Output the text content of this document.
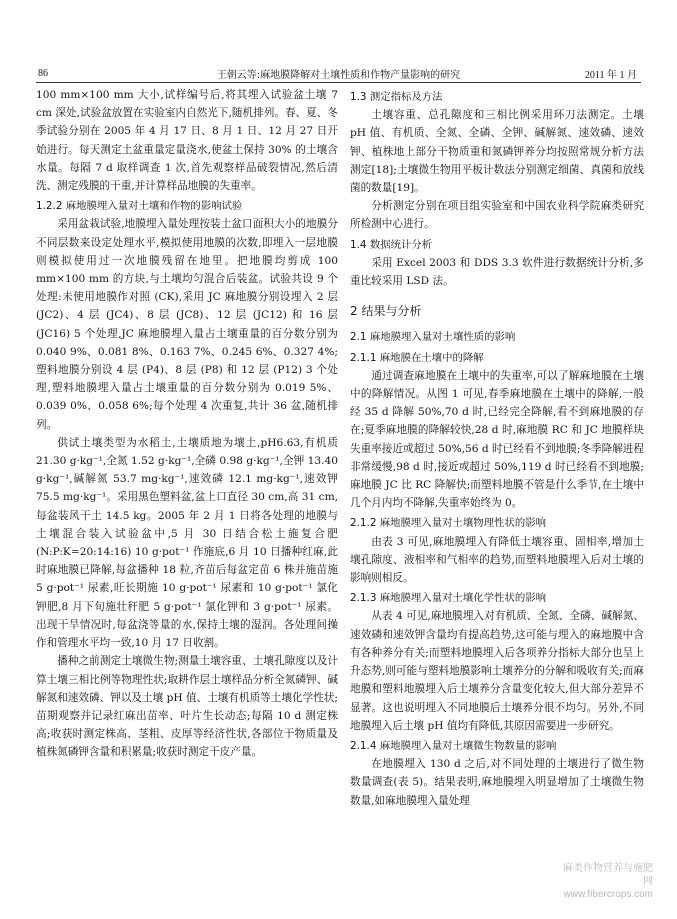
86	王朝云等:麻地膜降解对土壤性质和作物产量影响的研究	2011 年 1 月

100 mm×100 mm 大小,试样编号后,将其埋入试验盆土壤 7 cm 深处,试验盆放置在实验室内自然光下,随机排列。春、夏、冬季试验分别在 2005 年 4 月 17 日、8 月 1 日、12 月 27 日开始进行。每天测定土盆重量定量浇水,使盆土保持 30% 的土壤含水量。每隔 7 d 取样调查 1 次,首先观察样品破裂情况,然后清洗、测定残膜的干重,并计算样品地膜的失重率。

1.2.2 麻地膜埋入量对土壤和作物的影响试验

采用盆栽试验,地膜埋入量处理按装土盆口面积大小的地膜分不同层数来设定处理水平,模拟使用地膜的次数,即埋入一层地膜则模拟使用过一次地膜残留在地里。把地膜均剪成 100 mm×100 mm 的方块,与土壤均匀混合后装盆。试验共设 9 个处理:未使用地膜作对照 (CK),采用 JC 麻地膜分别设埋入 2 层 (JC2)、4 层 (JC4)、8 层 (JC8)、12 层 (JC12) 和 16 层 (JC16) 5 个处理,JC 麻地膜埋入量占土壤重量的百分数分别为 0.040 9%、0.081 8%、0.163 7%、0.245 6%、0.327 4%;塑料地膜分别设 4 层 (P4)、8 层 (P8) 和 12 层 (P12) 3 个处理,塑料地膜埋入量占土壤重量的百分数分别为 0.019 5%、0.039 0%、0.058 6%;每个处理 4 次重复,共计 36 盆,随机排列。

供试土壤类型为水稻土,土壤质地为壤土,pH6.63,有机质 21.30 g·kg⁻¹,全氮 1.52 g·kg⁻¹,全磷 0.98 g·kg⁻¹,全钾 13.40 g·kg⁻¹,碱解氮 53.7 mg·kg⁻¹,速效磷 12.1 mg·kg⁻¹,速效钾 75.5 mg·kg⁻¹。采用黑色塑料盆,盆上口直径 30 cm,高 31 cm,每盆装风干土 14.5 kg。2005 年 2 月 1 日将各处理的地膜与土壤混合装入试验盆中,5 月 30 日结合松土施复合肥(N:P:K=20:14:16) 10 g·pot⁻¹ 作施底,6 月 10 日播种红麻,此时麻地膜已降解,每盆播种 18 粒,齐苗后每盆定苗 6 株并施苗施 5 g·pot⁻¹ 尿素,旺长期施 10 g·pot⁻¹ 尿素和 10 g·pot⁻¹ 氯化钾肥,8 月下旬施壮秆肥 5 g·pot⁻¹ 氯化钾和 3 g·pot⁻¹ 尿素。出现干旱情况时,每盆浇等量的水,保持土壤的湿润。各处理间操作和管理水平均一致,10 月 17 日收割。

播种之前测定土壤微生物;测量土壤容重、土壤孔隙度以及计算土壤三相比例等物理性状;取耕作层土壤样品分析全氮磷钾、碱解氮和速效磷、钾以及土壤 pH 值、土壤有机质等土壤化学性状;苗期观察并记录红麻出苗率、叶片生长动态;每隔 10 d 测定株高;收获时测定株高、茎粗、皮厚等经济性状,各部位干物质量及植株氮磷钾含量和积累量;收获时测定干皮产量。

1.3 测定指标及方法

土壤容重、总孔隙度和三相比例采用环刀法测定。土壤 pH 值、有机质、全氮、全磷、全钾、碱解氮、速效磷、速效钾、植株地上部分干物质重和氮磷钾养分均按照常规分析方法测定[18];土壤微生物用平板计数法分别测定细菌、真菌和放线菌的数量[19]。

分析测定分别在项目组实验室和中国农业科学院麻类研究所检测中心进行。

1.4 数据统计分析

采用 Excel 2003 和 DDS 3.3 软件进行数据统计分析,多重比较采用 LSD 法。

2 结果与分析

2.1 麻地膜埋入量对土壤性质的影响

2.1.1 麻地膜在土壤中的降解

通过调查麻地膜在土壤中的失重率,可以了解麻地膜在土壤中的降解情况。从图 1 可见,春季麻地膜在土壤中的降解,一般经 35 d 降解 50%,70 d 时,已经完全降解,看不到麻地膜的存在;夏季麻地膜的降解较快,28 d 时,麻地膜 RC 和 JC 地膜样块失重率接近或超过 50%,56 d 时已经看不到地膜;冬季降解进程非常缓慢,98 d 时,接近或超过 50%,119 d 时已经看不到地膜;麻地膜 JC 比 RC 降解快;而塑料地膜不管是什么季节,在土壤中几个月内均不降解,失重率始终为 0。

2.1.2 麻地膜埋入量对土壤物理性状的影响

由表 3 可见,麻地膜埋入有降低土壤容重、固相率,增加土壤孔隙度、液相率和气相率的趋势,而塑料地膜埋入后对土壤的影响则相反。

2.1.3 麻地膜埋入量对土壤化学性状的影响

从表 4 可见,麻地膜埋入对有机质、全氮、全磷、碱解氮、速效磷和速效钾含量均有提高趋势,这可能与埋入的麻地膜中含有各种养分有关;而塑料地膜埋入后各项养分指标大部分也呈上升态势,则可能与塑料地膜影响土壤养分的分解和吸收有关;而麻地膜和塑料地膜埋入后土壤养分含量变化较大,但大部分差异不显著。这也说明埋入不同地膜后土壤养分很不均匀。另外,不同地膜埋入后土壤 pH 值均有降低,其原因需要进一步研究。

2.1.4 麻地膜埋入量对土壤微生物数量的影响

在地膜埋入 130 d 之后,对不同处理的土壤进行了微生物数量调查(表 5)。结果表明,麻地膜埋入明显增加了土壤微生物数量,如麻地膜埋入量处理

麻类作物营养与施肥网
www.fibercrops.com
